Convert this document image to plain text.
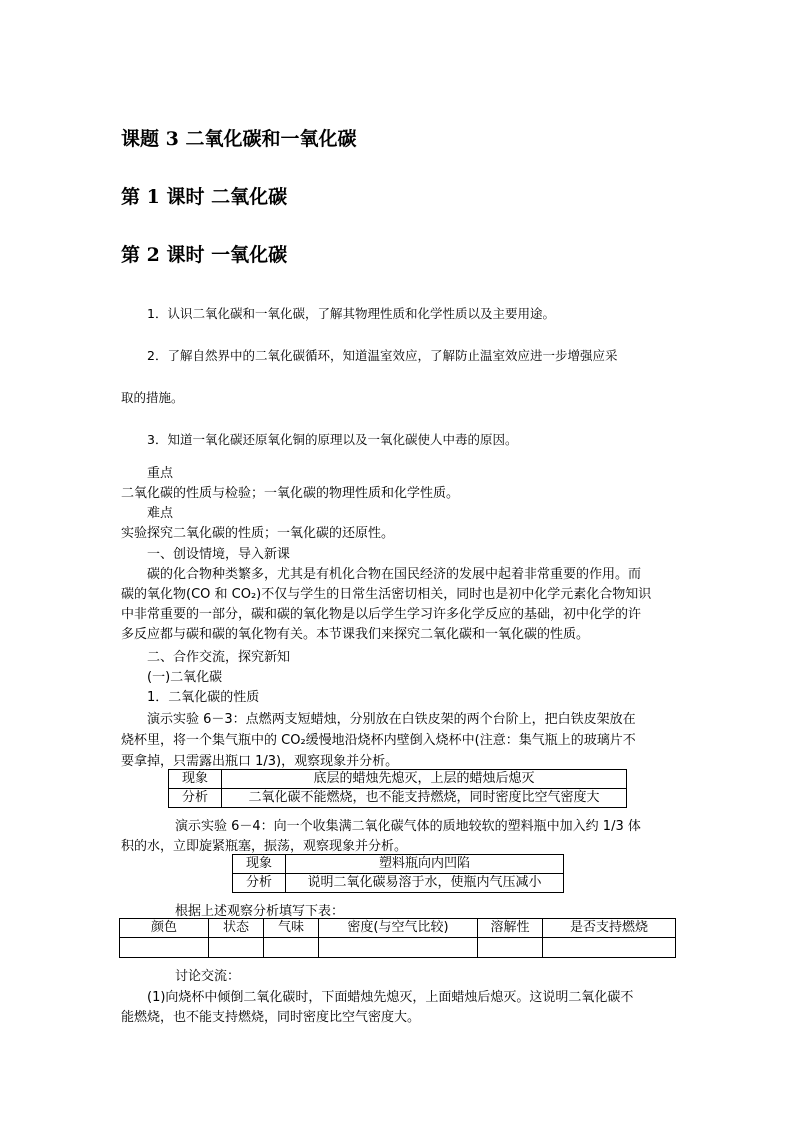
课题 3 二氧化碳和一氧化碳
第 1 课时 二氧化碳
第 2 课时 一氧化碳
1．认识二氧化碳和一氧化碳，了解其物理性质和化学性质以及主要用途。
2．了解自然界中的二氧化碳循环，知道温室效应，了解防止温室效应进一步增强应采
取的措施。
3．知道一氧化碳还原氧化铜的原理以及一氧化碳使人中毒的原因。
重点
二氧化碳的性质与检验；一氧化碳的物理性质和化学性质。
难点
实验探究二氧化碳的性质；一氧化碳的还原性。
一、创设情境，导入新课
碳的化合物种类繁多，尤其是有机化合物在国民经济的发展中起着非常重要的作用。而
碳的氧化物(CO 和 CO₂)不仅与学生的日常生活密切相关，同时也是初中化学元素化合物知识
中非常重要的一部分，碳和碳的氧化物是以后学生学习许多化学反应的基础，初中化学的许
多反应都与碳和碳的氧化物有关。本节课我们来探究二氧化碳和一氧化碳的性质。
二、合作交流，探究新知
(一)二氧化碳
1．二氧化碳的性质
演示实验 6－3：点燃两支短蜡烛，分别放在白铁皮架的两个台阶上，把白铁皮架放在
烧杯里，将一个集气瓶中的 CO₂缓慢地沿烧杯内壁倒入烧杯中(注意：集气瓶上的玻璃片不
要拿掉，只需露出瓶口 1/3)，观察现象并分析。
现象	底层的蜡烛先熄灭，上层的蜡烛后熄灭
分析	二氧化碳不能燃烧，也不能支持燃烧，同时密度比空气密度大
演示实验 6－4：向一个收集满二氧化碳气体的质地较软的塑料瓶中加入约 1/3 体
积的水，立即旋紧瓶塞，振荡，观察现象并分析。
现象	塑料瓶向内凹陷
分析	说明二氧化碳易溶于水，使瓶内气压减小
根据上述观察分析填写下表：
颜色	状态	气味	密度(与空气比较)	溶解性	是否支持燃烧

讨论交流：
(1)向烧杯中倾倒二氧化碳时，下面蜡烛先熄灭，上面蜡烛后熄灭。这说明二氧化碳不
能燃烧，也不能支持燃烧，同时密度比空气密度大。
